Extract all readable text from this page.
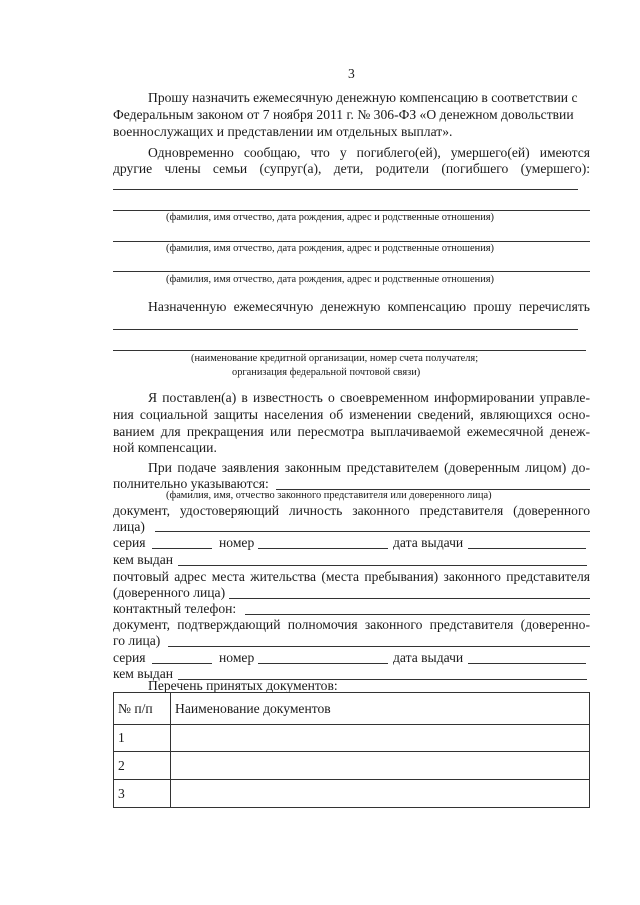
3
Прошу назначить ежемесячную денежную компенсацию в соответствии с
Федеральным законом от 7 ноября 2011 г. № 306-ФЗ «О денежном довольствии
военнослужащих и представлении им отдельных выплат».
Одновременно сообщаю, что у погиблего(ей), умершего(ей) имеются
другие члены семьи (супруг(а), дети, родители (погибшего (умершего):
(фамилия, имя отчество, дата рождения, адрес и родственные отношения)
(фамилия, имя отчество, дата рождения, адрес и родственные отношения)
(фамилия, имя отчество, дата рождения, адрес и родственные отношения)
Назначенную ежемесячную денежную компенсацию прошу перечислять
(наименование кредитной организации, номер счета получателя;
организация федеральной почтовой связи)
Я поставлен(а) в известность о своевременном информировании управле-
ния социальной защиты населения об изменении сведений, являющихся осно-
ванием для прекращения или пересмотра выплачиваемой ежемесячной денеж-
ной компенсации.
При подаче заявления законным представителем (доверенным лицом) до-
полнительно указываются:
(фамилия, имя, отчество законного представителя или доверенного лица)
документ, удостоверяющий личность законного представителя (доверенного
лица)
серия	номер	дата выдачи
кем выдан
почтовый адрес места жительства (места пребывания) законного представителя
(доверенного лица)
контактный телефон:
документ, подтверждающий полномочия законного представителя (доверенно-
го лица)
серия	номер	дата выдачи
кем выдан
Перечень принятых документов:
№ п/п	Наименование документов
1	
2	
3	
